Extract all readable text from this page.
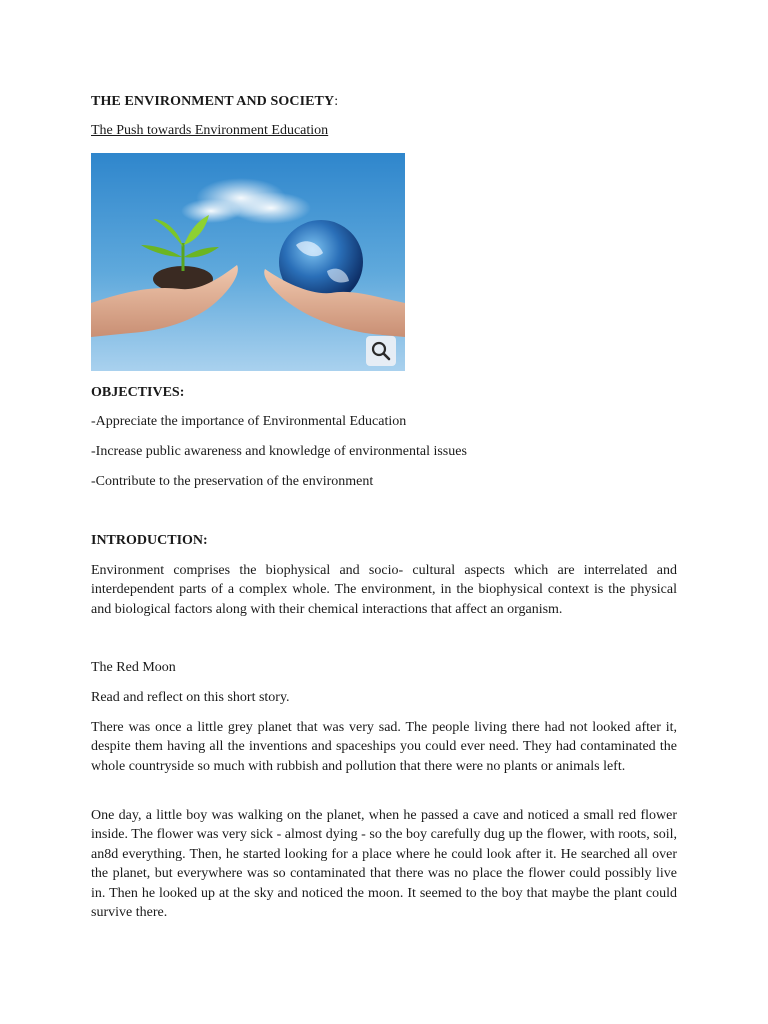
THE ENVIRONMENT AND SOCIETY:
The Push towards Environment Education
OBJECTIVES:
-Appreciate the importance of Environmental Education
-Increase public awareness and knowledge of environmental issues
-Contribute to the preservation of the environment
INTRODUCTION:

Environment comprises the biophysical and socio- cultural aspects which are interrelated and interdependent parts of a complex whole. The environment, in the biophysical context is the physical and biological factors along with their chemical interactions that affect an organism.

The Red Moon
Read and reflect on this short story.

There was once a little grey planet that was very sad. The people living there had not looked after it, despite them having all the inventions and spaceships you could ever need. They had contaminated the whole countryside so much with rubbish and pollution that there were no plants or animals left.

One day, a little boy was walking on the planet, when he passed a cave and noticed a small red flower inside. The flower was very sick - almost dying - so the boy carefully dug up the flower, with roots, soil, an8d everything. Then, he started looking for a place where he could look after it. He searched all over the planet, but everywhere was so contaminated that there was no place the flower could possibly live in. Then he looked up at the sky and noticed the moon. It seemed to the boy that maybe the plant could survive there.
